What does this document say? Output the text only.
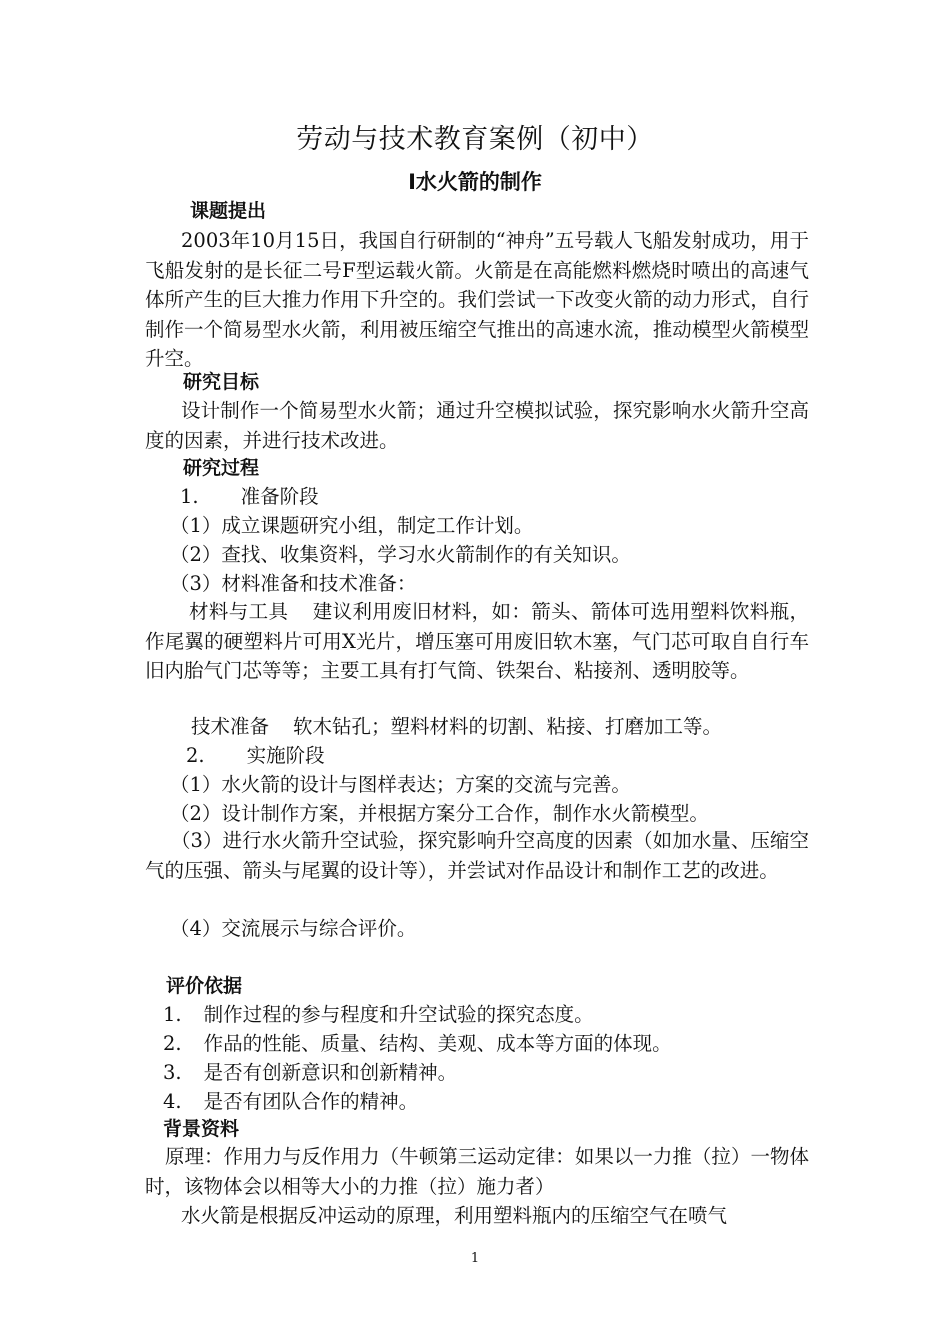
劳动与技术教育案例（初中）
Ⅰ水火箭的制作
课题提出
2003年10月15日，我国自行研制的“神舟”五号载人飞船发射成功，用于飞船发射的是长征二号F型运载火箭。火箭是在高能燃料燃烧时喷出的高速气体所产生的巨大推力作用下升空的。我们尝试一下改变火箭的动力形式，自行制作一个简易型水火箭，利用被压缩空气推出的高速水流，推动模型火箭模型升空。
研究目标
设计制作一个简易型水火箭；通过升空模拟试验，探究影响水火箭升空高度的因素，并进行技术改进。
研究过程
1. 准备阶段
（1）成立课题研究小组，制定工作计划。
（2）查找、收集资料，学习水火箭制作的有关知识。
（3）材料准备和技术准备：
材料与工具 建议利用废旧材料，如：箭头、箭体可选用塑料饮料瓶，作尾翼的硬塑料片可用X光片，增压塞可用废旧软木塞，气门芯可取自自行车旧内胎气门芯等等；主要工具有打气筒、铁架台、粘接剂、透明胶等。
技术准备 软木钻孔；塑料材料的切割、粘接、打磨加工等。
2. 实施阶段
（1）水火箭的设计与图样表达；方案的交流与完善。
（2）设计制作方案，并根据方案分工合作，制作水火箭模型。
（3）进行水火箭升空试验，探究影响升空高度的因素（如加水量、压缩空气的压强、箭头与尾翼的设计等），并尝试对作品设计和制作工艺的改进。
（4）交流展示与综合评价。
评价依据
1. 制作过程的参与程度和升空试验的探究态度。
2. 作品的性能、质量、结构、美观、成本等方面的体现。
3. 是否有创新意识和创新精神。
4. 是否有团队合作的精神。
背景资料
原理：作用力与反作用力（牛顿第三运动定律：如果以一力推（拉）一物体时，该物体会以相等大小的力推（拉）施力者）
水火箭是根据反冲运动的原理，利用塑料瓶内的压缩空气在喷气
1
